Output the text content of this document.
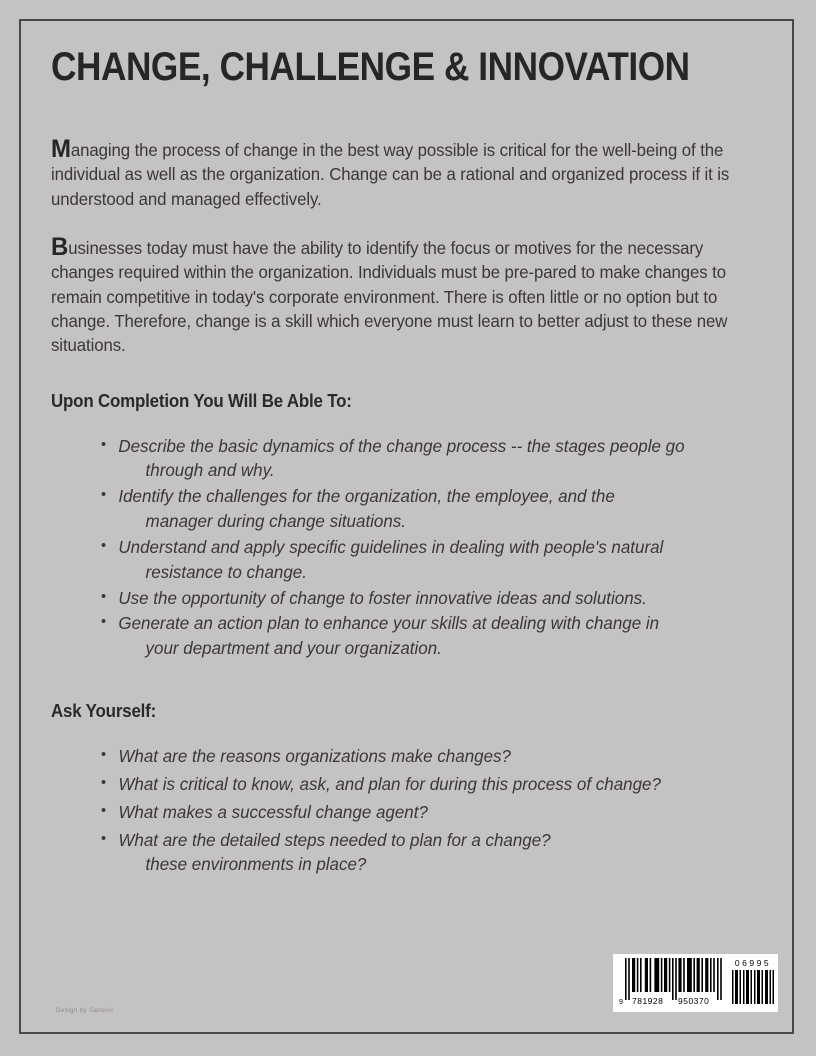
CHANGE, CHALLENGE & INNOVATION

Managing the process of change in the best way possible is critical for the well-being of the individual as well as the organization. Change can be a rational and organized process if it is understood and managed effectively.

Businesses today must have the ability to identify the focus or motives for the necessary changes required within the organization. Individuals must be pre-pared to make changes to remain competitive in today's corporate environment. There is often little or no option but to change. Therefore, change is a skill which everyone must learn to better adjust to these new situations.

Upon Completion You Will Be Able To:
• Describe the basic dynamics of the change process -- the stages people go
through and why.
• Identify the challenges for the organization, the employee, and the
manager during change situations.
• Understand and apply specific guidelines in dealing with people's natural
resistance to change.
• Use the opportunity of change to foster innovative ideas and solutions.
• Generate an action plan to enhance your skills at dealing with change in
your department and your organization.
Ask Yourself:
• What are the reasons organizations make changes?
• What is critical to know, ask, and plan for during this process of change?
• What makes a successful change agent?
• What are the detailed steps needed to plan for a change?
these environments in place?
Design by Sanovic
9 781928 950370
06995
